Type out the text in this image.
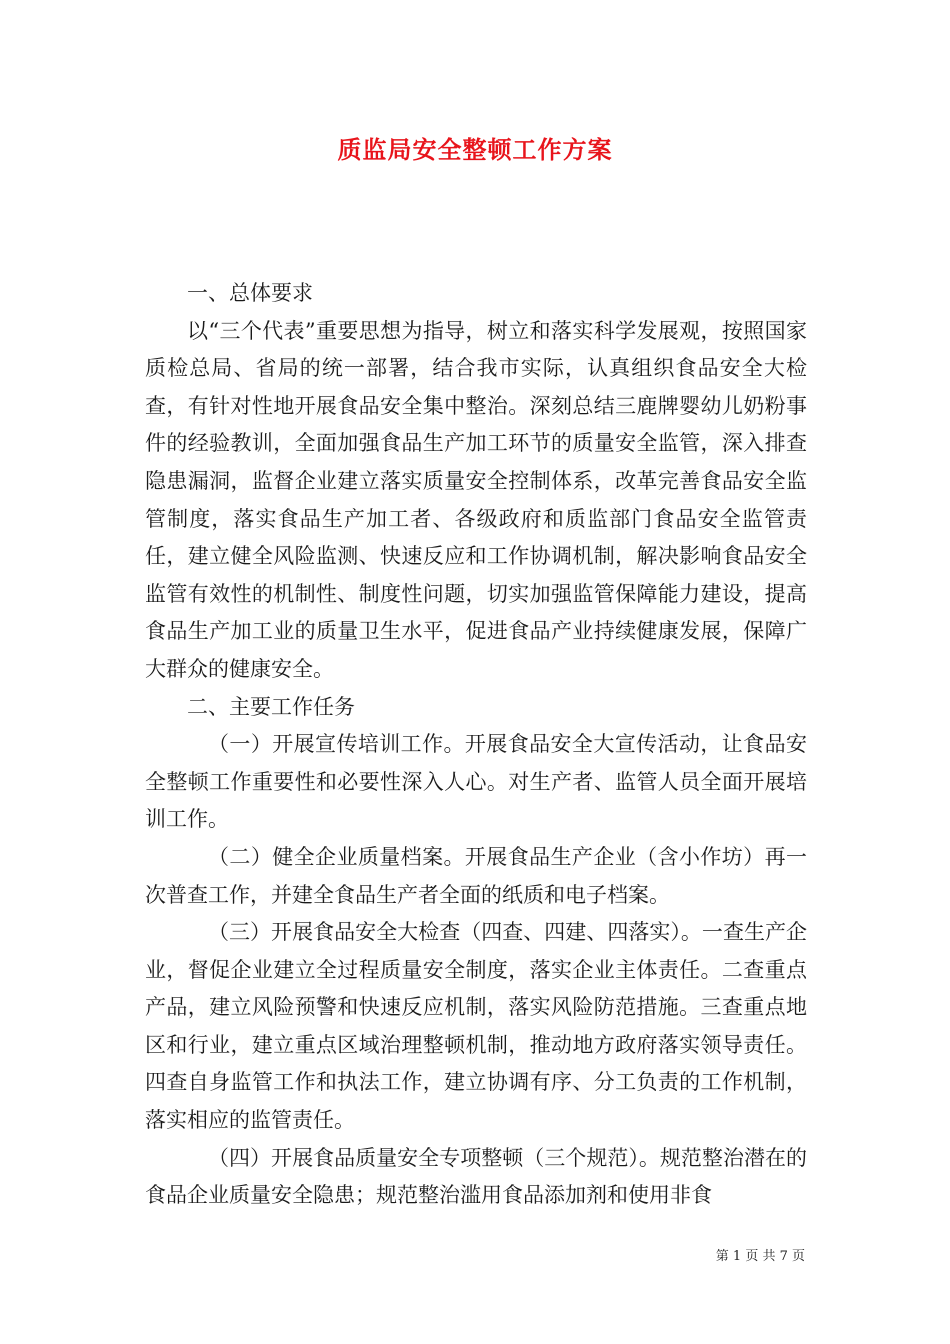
质监局安全整顿工作方案

一、总体要求

以“三个代表”重要思想为指导，树立和落实科学发展观，按照国家质检总局、省局的统一部署，结合我市实际，认真组织食品安全大检查，有针对性地开展食品安全集中整治。深刻总结三鹿牌婴幼儿奶粉事件的经验教训，全面加强食品生产加工环节的质量安全监管，深入排查隐患漏洞，监督企业建立落实质量安全控制体系，改革完善食品安全监管制度，落实食品生产加工者、各级政府和质监部门食品安全监管责任，建立健全风险监测、快速反应和工作协调机制，解决影响食品安全监管有效性的机制性、制度性问题，切实加强监管保障能力建设，提高食品生产加工业的质量卫生水平，促进食品产业持续健康发展，保障广大群众的健康安全。

二、主要工作任务

（一）开展宣传培训工作。开展食品安全大宣传活动，让食品安全整顿工作重要性和必要性深入人心。对生产者、监管人员全面开展培训工作。

（二）健全企业质量档案。开展食品生产企业（含小作坊）再一次普查工作，并建全食品生产者全面的纸质和电子档案。

（三）开展食品安全大检查（四查、四建、四落实）。一查生产企业，督促企业建立全过程质量安全制度，落实企业主体责任。二查重点产品，建立风险预警和快速反应机制，落实风险防范措施。三查重点地区和行业，建立重点区域治理整顿机制，推动地方政府落实领导责任。四查自身监管工作和执法工作，建立协调有序、分工负责的工作机制，落实相应的监管责任。

（四）开展食品质量安全专项整顿（三个规范）。规范整治潜在的食品企业质量安全隐患；规范整治滥用食品添加剂和使用非食

第 1 页 共 7 页
